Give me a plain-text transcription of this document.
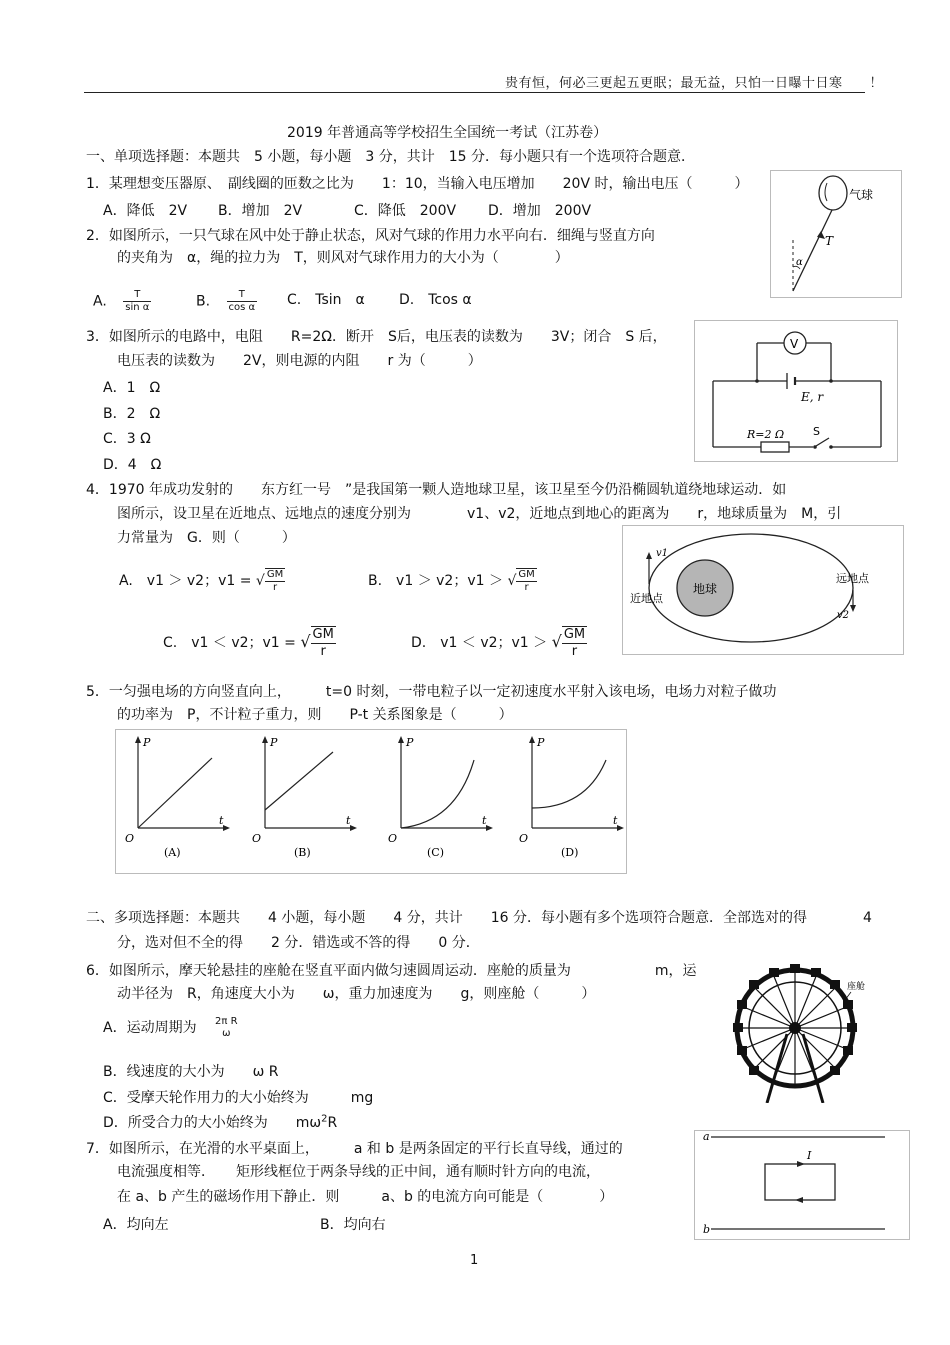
贵有恒，何必三更起五更眠；最无益，只怕一日曝十日寒　　！
2019 年普通高等学校招生全国统一考试（江苏卷）
一、单项选择题：本题共　5 小题，每小题　3 分，共计　15 分．每小题只有一个选项符合题意．
1．某理想变压器原、　副线圈的匝数之比为　　1：10，当输入电压增加　　20V 时，输出电压（　　　）
A．降低　2V B．增加　2V	C．降低　200V D．增加　200V
2．如图所示，一只气球在风中处于静止状态，风对气球的作用力水平向右．细绳与竖直方向
的夹角为　α，绳的拉力为　T，则风对气球作用力的大小为（　　　　）
A. $\frac{T}{\text{sin α}}$	B. $\frac{T}{\text{cos α}} C$.　Tsin　α D.　Tcos α
气球
T
α
3．如图所示的电路中，电阻　　R=2Ω．断开　S后，电压表的读数为　　3V；闭合　S 后，
电压表的读数为　　2V，则电源的内阻　　r 为（　　　）
A．1　Ω
B．2　Ω
C．3 Ω
D．4　Ω
V
E, r
R=2 Ω	S
4．1970 年成功发射的　　东方红一号　”是我国第一颗人造地球卫星，该卫星至今仍沿椭圆轨道绕地球运动．如
图所示，设卫星在近地点、远地点的速度分别为　　　　v1、v2，近地点到地心的距离为　　r，地球质量为　M，引
力常量为　G．则（　　　）
A.　v1 ＞ v2；v1 = √ $\frac{GM}{r}$	B.　v1 ＞ v2；v1 ＞ √ $\frac{GM}{r}$
C.　v1 ＜ v2；v1 = √ $\frac{GM}{r}$	D.　v1 ＜ v2；v1 ＞ √ $\frac{GM}{r}$
地球
v1
v2
近地点
远地点
5．一匀强电场的方向竖直向上，　　　t=0 时刻，一带电粒子以一定初速度水平射入该电场，电场力对粒子做功
的功率为　P，不计粒子重力，则　　P-t 关系图象是（　　　）
P
t
O
(A)
P
t
O
(B)
P
t
O
(C)
P
t
O
(D)
二、多项选择题：本题共　　4 小题，每小题　　4 分，共计　　16 分．每小题有多个选项符合题意．全部选对的得　　　　4
分，选对但不全的得　　2 分．错选或不答的得　　0 分．
6．如图所示，摩天轮悬挂的座舱在竖直平面内做匀速圆周运动．座舱的质量为　　　　　　m，运
动半径为　R，角速度大小为　　ω，重力加速度为　　g，则座舱（　　　）
A．运动周期为 2π R
ω
B．线速度的大小为　　ω R
C．受摩天轮作用力的大小始终为　　　mg
D．所受合力的大小始终为　　$m\omega^2R$
座舱
7．如图所示，在光滑的水平桌面上，　　　a 和 b 是两条固定的平行长直导线，通过的
电流强度相等．　　矩形线框位于两条导线的正中间，通有顺时针方向的电流，
在 a、b 产生的磁场作用下静止．则　　　a、b 的电流方向可能是（　　　　）
A．均向左	B．均向右
a
b
I
1
